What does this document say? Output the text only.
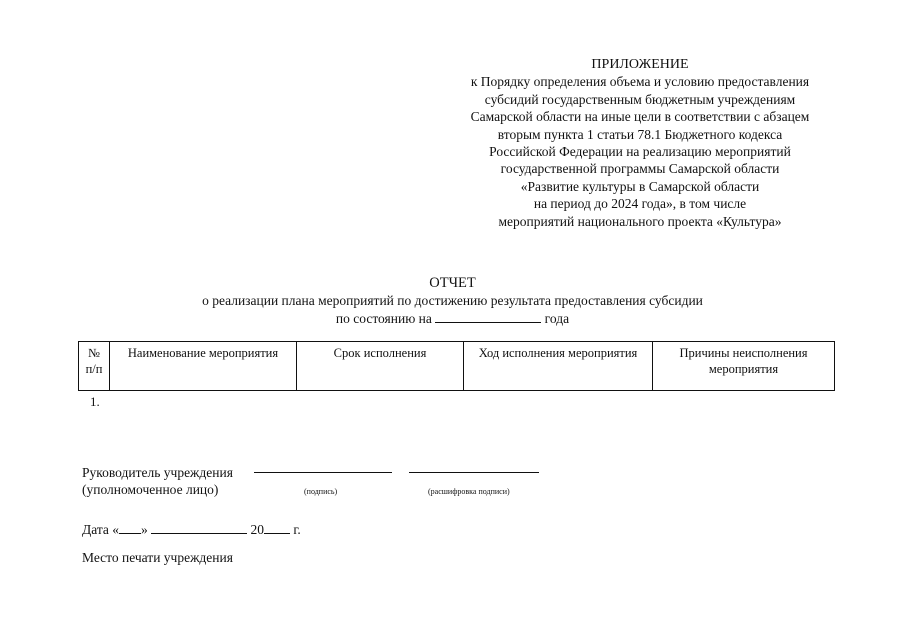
ПРИЛОЖЕНИЕ
к Порядку определения объема и условию предоставления
субсидий государственным бюджетным учреждениям
Самарской области на иные цели в соответствии с абзацем
вторым пункта 1 статьи 78.1 Бюджетного кодекса
Российской Федерации на реализацию мероприятий
государственной программы Самарской области
«Развитие культуры в Самарской области
на период до 2024 года», в том числе
мероприятий национального проекта «Культура»
ОТЧЕТ
о реализации плана мероприятий по достижению результата предоставления субсидии
по состоянию на	года
№ п/п	Наименование мероприятия	Срок исполнения	Ход исполнения мероприятия	Причины неисполнения мероприятия
1.
Руководитель учреждения
(уполномоченное лицо)	(подпись)	(расшифровка подписи)
Дата « »	20 г.
Место печати учреждения
